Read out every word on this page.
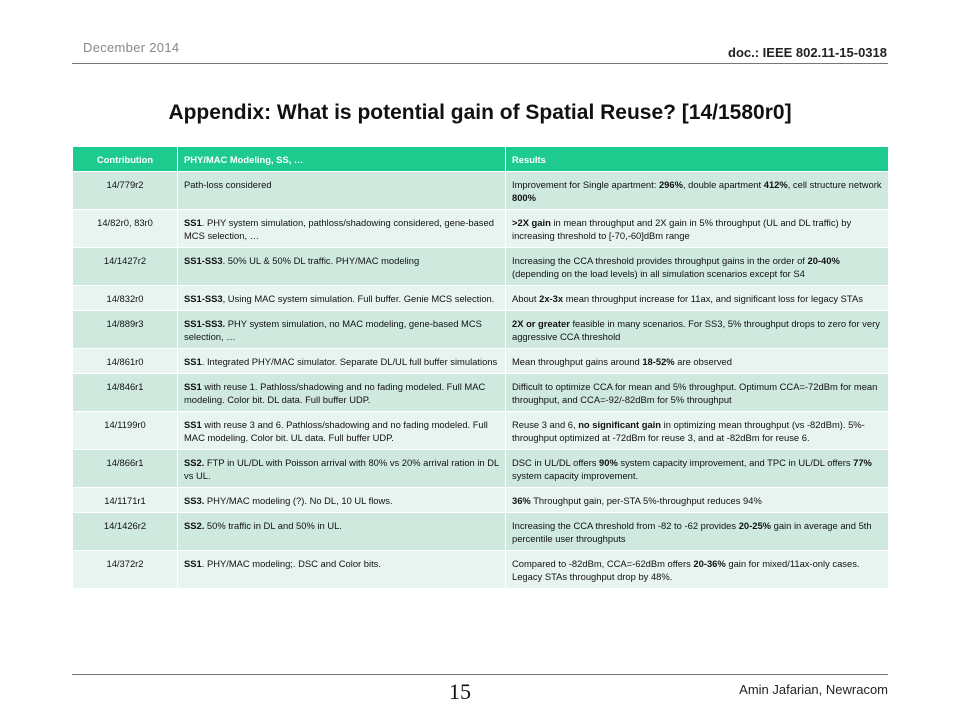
December 2014	doc.: IEEE 802.11-15-0318
Appendix: What is potential gain of Spatial Reuse? [14/1580r0]
Contribution	PHY/MAC Modeling, SS, …	Results
14/779r2	Path-loss considered	Improvement for Single apartment: 296%, double apartment 412%, cell structure network 800%
14/82r0, 83r0	SS1. PHY system simulation, pathloss/shadowing considered, gene-based MCS selection, …	>2X gain in mean throughput and 2X gain in 5% throughput (UL and DL traffic) by increasing threshold to [-70,-60]dBm range
14/1427r2	SS1-SS3. 50% UL & 50% DL traffic. PHY/MAC modeling	Increasing the CCA threshold provides throughput gains in the order of 20-40% (depending on the load levels) in all simulation scenarios except for S4
14/832r0	SS1-SS3, Using MAC system simulation. Full buffer. Genie MCS selection.	About 2x-3x mean throughput increase for 11ax, and significant loss for legacy STAs
14/889r3	SS1-SS3. PHY system simulation, no MAC modeling, gene-based MCS selection, …	2X or greater feasible in many scenarios. For SS3, 5% throughput drops to zero for very aggressive CCA threshold
14/861r0	SS1. Integrated PHY/MAC simulator. Separate DL/UL full buffer simulations	Mean throughput gains around 18-52% are observed
14/846r1	SS1 with reuse 1. Pathloss/shadowing and no fading modeled. Full MAC modeling. Color bit. DL data. Full buffer UDP.	Difficult to optimize CCA for mean and 5% throughput. Optimum CCA=-72dBm for mean throughput, and CCA=-92/-82dBm for 5% throughput
14/1199r0	SS1 with reuse 3 and 6. Pathloss/shadowing and no fading modeled. Full MAC modeling. Color bit. UL data. Full buffer UDP.	Reuse 3 and 6, no significant gain in optimizing mean throughput (vs -82dBm). 5%-throughput optimized at -72dBm for reuse 3, and at -82dBm for reuse 6.
14/866r1	SS2. FTP in UL/DL with Poisson arrival with 80% vs 20% arrival ration in DL vs UL.	DSC in UL/DL offers 90% system capacity improvement, and TPC in UL/DL offers 77% system capacity improvement.
14/1171r1	SS3. PHY/MAC modeling (?). No DL, 10 UL flows.	36% Throughput gain, per-STA 5%-throughput reduces 94%
14/1426r2	SS2. 50% traffic in DL and 50% in UL.	Increasing the CCA threshold from -82 to -62 provides 20-25% gain in average and 5th percentile user throughputs
14/372r2	SS1. PHY/MAC modeling;. DSC and Color bits.	Compared to -82dBm, CCA=-62dBm offers 20-36% gain for mixed/11ax-only cases. Legacy STAs throughput drop by 48%.
15	Amin Jafarian, Newracom
